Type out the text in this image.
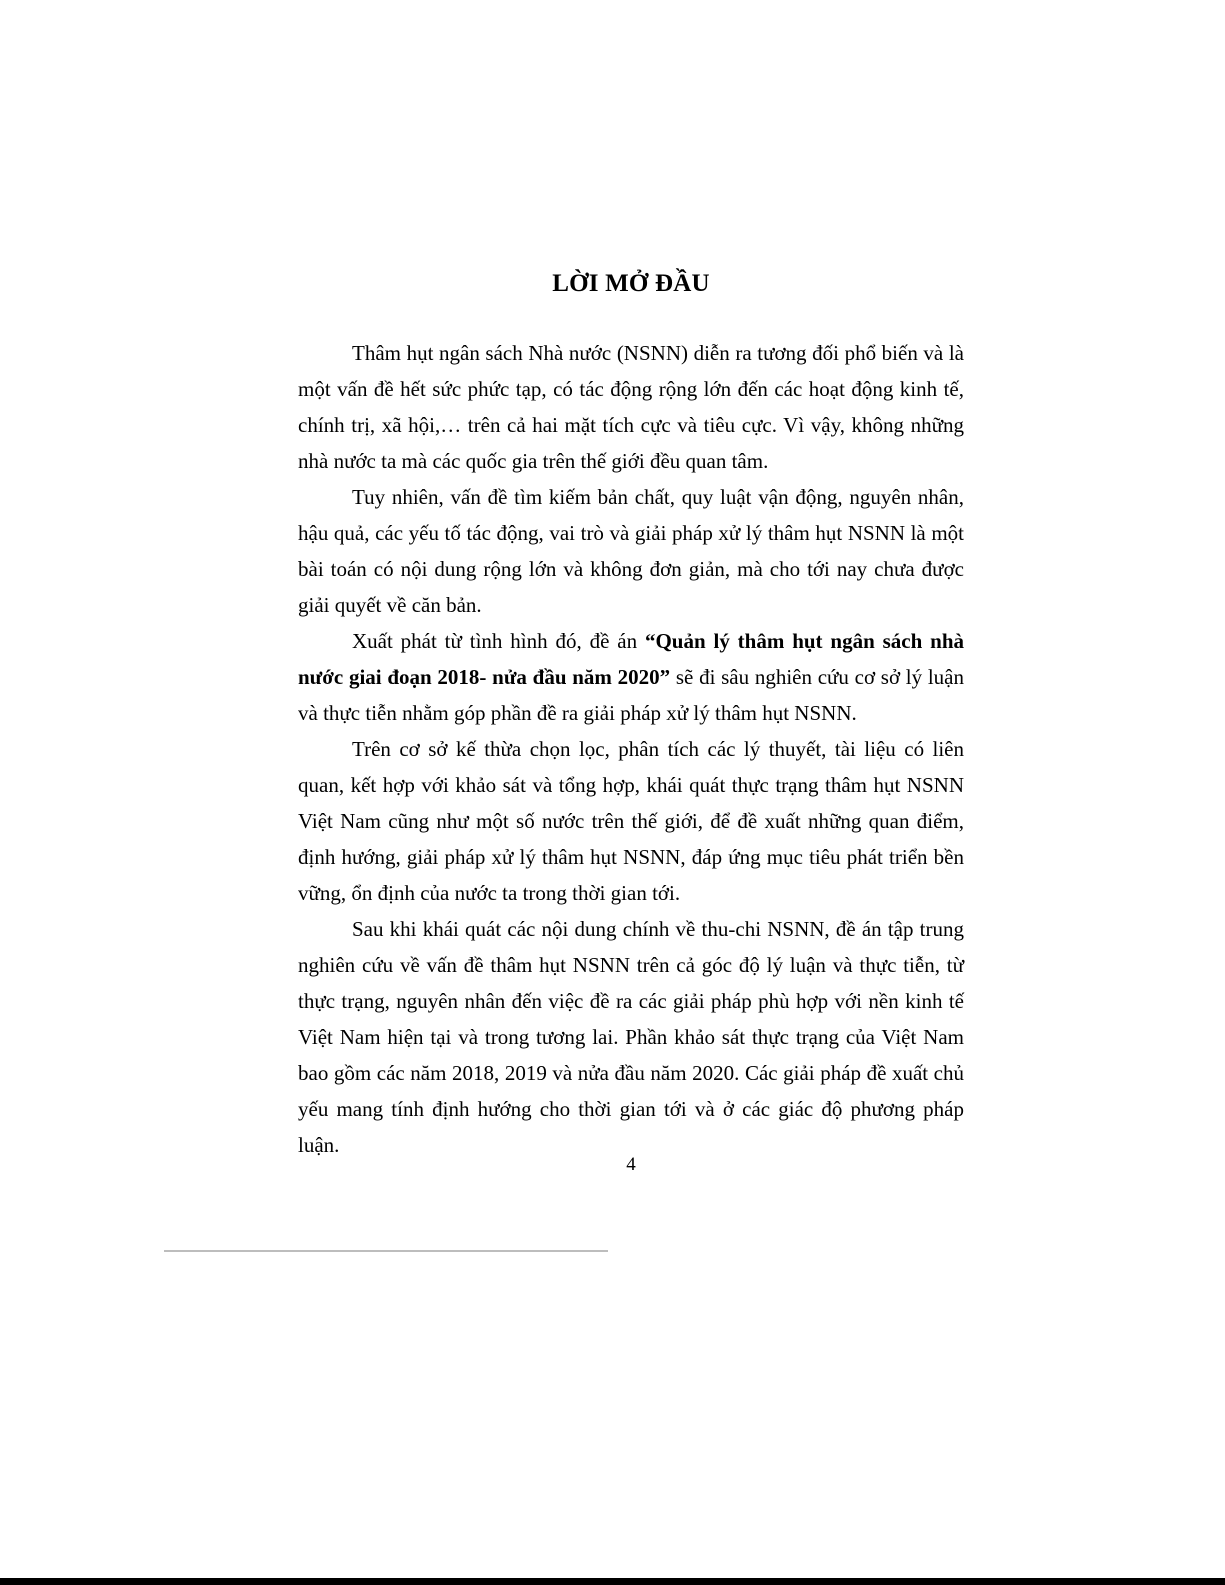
LỜI MỞ ĐẦU

Thâm hụt ngân sách Nhà nước (NSNN) diễn ra tương đối phổ biến và là một vấn đề hết sức phức tạp, có tác động rộng lớn đến các hoạt động kinh tế, chính trị, xã hội,… trên cả hai mặt tích cực và tiêu cực. Vì vậy, không những nhà nước ta mà các quốc gia trên thế giới đều quan tâm.

Tuy nhiên, vấn đề tìm kiếm bản chất, quy luật vận động, nguyên nhân, hậu quả, các yếu tố tác động, vai trò và giải pháp xử lý thâm hụt NSNN là một bài toán có nội dung rộng lớn và không đơn giản, mà cho tới nay chưa được giải quyết về căn bản.

Xuất phát từ tình hình đó, đề án “Quản lý thâm hụt ngân sách nhà nước giai đoạn 2018- nửa đầu năm 2020” sẽ đi sâu nghiên cứu cơ sở lý luận và thực tiễn nhằm góp phần đề ra giải pháp xử lý thâm hụt NSNN.

Trên cơ sở kế thừa chọn lọc, phân tích các lý thuyết, tài liệu có liên quan, kết hợp với khảo sát và tổng hợp, khái quát thực trạng thâm hụt NSNN Việt Nam cũng như một số nước trên thế giới, để đề xuất những quan điểm, định hướng, giải pháp xử lý thâm hụt NSNN, đáp ứng mục tiêu phát triển bền vững, ổn định của nước ta trong thời gian tới.

Sau khi khái quát các nội dung chính về thu-chi NSNN, đề án tập trung nghiên cứu về vấn đề thâm hụt NSNN trên cả góc độ lý luận và thực tiễn, từ thực trạng, nguyên nhân đến việc đề ra các giải pháp phù hợp với nền kinh tế Việt Nam hiện tại và trong tương lai. Phần khảo sát thực trạng của Việt Nam bao gồm các năm 2018, 2019 và nửa đầu năm 2020. Các giải pháp đề xuất chủ yếu mang tính định hướng cho thời gian tới và ở các giác độ phương pháp luận.

4
